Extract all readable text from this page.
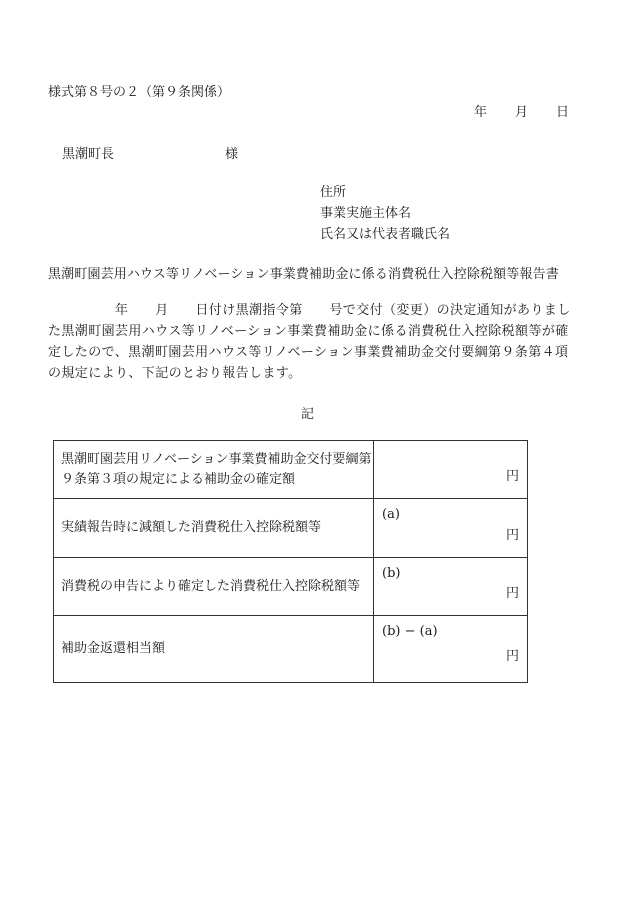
様式第８号の２（第９条関係）
年 月 日
黒潮町長	様
住所
事業実施主体名
氏名又は代表者職氏名
黒潮町園芸用ハウス等リノベーション事業費補助金に係る消費税仕入控除税額等報告書
　　　　　年　　月　　日付け黒潮指令第　　号で交付（変更）の決定通知がありまし
た黒潮町園芸用ハウス等リノベーション事業費補助金に係る消費税仕入控除税額等が確
定したので、黒潮町園芸用ハウス等リノベーション事業費補助金交付要綱第９条第４項
の規定により、下記のとおり報告します。
記
黒潮町園芸用リノベーション事業費補助金交付要綱第９条第３項の規定による補助金の確定額	円

実績報告時に減額した消費税仕入控除税額等	(a)
円

消費税の申告により確定した消費税仕入控除税額等	(b)
円

補助金返還相当額	(b) − (a)
円
